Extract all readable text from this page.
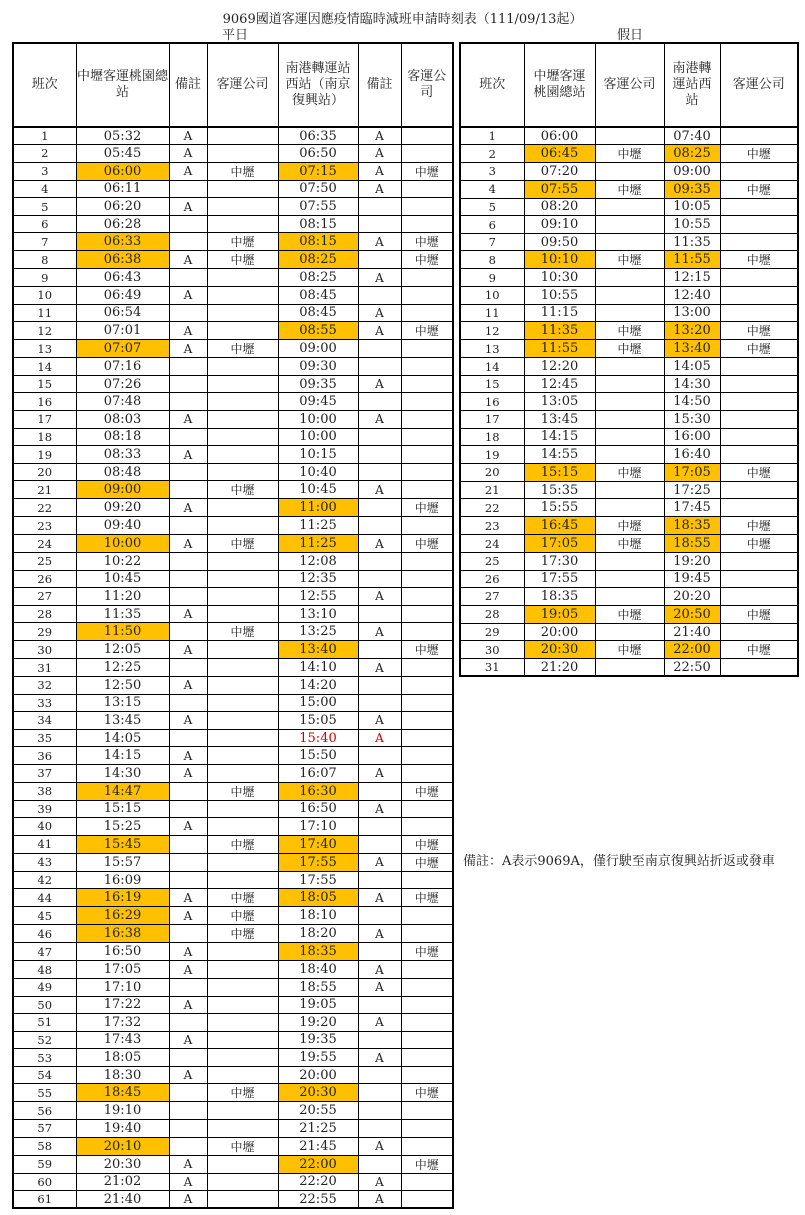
9069國道客運因應疫情臨時減班申請時刻表（111/09/13起）
平日	假日
班次	中壢客運桃園總站	備註	客運公司	南港轉運站西站（南京復興站）	備註	客運公司
1	05:32	A		06:35	A	
2	05:45	A		06:50	A	
3	06:00	A	中壢	07:15	A	中壢
4	06:11			07:50	A	
5	06:20	A		07:55		
6	06:28			08:15		
7	06:33		中壢	08:15	A	中壢
8	06:38	A	中壢	08:25		中壢
9	06:43			08:25	A	
10	06:49	A		08:45		
11	06:54			08:45	A	
12	07:01	A		08:55	A	中壢
13	07:07	A	中壢	09:00		
14	07:16			09:30		
15	07:26			09:35	A	
16	07:48			09:45		
17	08:03	A		10:00	A	
18	08:18			10:00		
19	08:33	A		10:15		
20	08:48			10:40		
21	09:00		中壢	10:45	A	
22	09:20	A		11:00		中壢
23	09:40			11:25		
24	10:00	A	中壢	11:25	A	中壢
25	10:22			12:08		
26	10:45			12:35		
27	11:20			12:55	A	
28	11:35	A		13:10		
29	11:50		中壢	13:25	A	
30	12:05	A		13:40		中壢
31	12:25			14:10	A	
32	12:50	A		14:20		
33	13:15			15:00		
34	13:45	A		15:05	A	
35	14:05			15:40	A	
36	14:15	A		15:50		
37	14:30	A		16:07	A	
38	14:47		中壢	16:30		中壢
39	15:15			16:50	A	
40	15:25	A		17:10		
41	15:45		中壢	17:40		中壢
43	15:57			17:55	A	中壢
42	16:09			17:55		
44	16:19	A	中壢	18:05	A	中壢
45	16:29	A	中壢	18:10		
46	16:38		中壢	18:20	A	
47	16:50	A		18:35		中壢
48	17:05	A		18:40	A	
49	17:10			18:55	A	
50	17:22	A		19:05		
51	17:32			19:20	A	
52	17:43	A		19:35		
53	18:05			19:55	A	
54	18:30	A		20:00		
55	18:45		中壢	20:30		中壢
56	19:10			20:55		
57	19:40			21:25		
58	20:10		中壢	21:45	A	
59	20:30	A		22:00		中壢
60	21:02	A		22:20	A	
61	21:40	A		22:55	A	
班次	中壢客運桃園總站	客運公司	南港轉運站西站	客運公司
1	06:00		07:40	
2	06:45	中壢	08:25	中壢
3	07:20		09:00	
4	07:55	中壢	09:35	中壢
5	08:20		10:05	
6	09:10		10:55	
7	09:50		11:35	
8	10:10	中壢	11:55	中壢
9	10:30		12:15	
10	10:55		12:40	
11	11:15		13:00	
12	11:35	中壢	13:20	中壢
13	11:55	中壢	13:40	中壢
14	12:20		14:05	
15	12:45		14:30	
16	13:05		14:50	
17	13:45		15:30	
18	14:15		16:00	
19	14:55		16:40	
20	15:15	中壢	17:05	中壢
21	15:35		17:25	
22	15:55		17:45	
23	16:45	中壢	18:35	中壢
24	17:05	中壢	18:55	中壢
25	17:30		19:20	
26	17:55		19:45	
27	18:35		20:20	
28	19:05	中壢	20:50	中壢
29	20:00		21:40	
30	20:30	中壢	22:00	中壢
31	21:20		22:50	
備註：A表示9069A，僅行駛至南京復興站折返或發車
